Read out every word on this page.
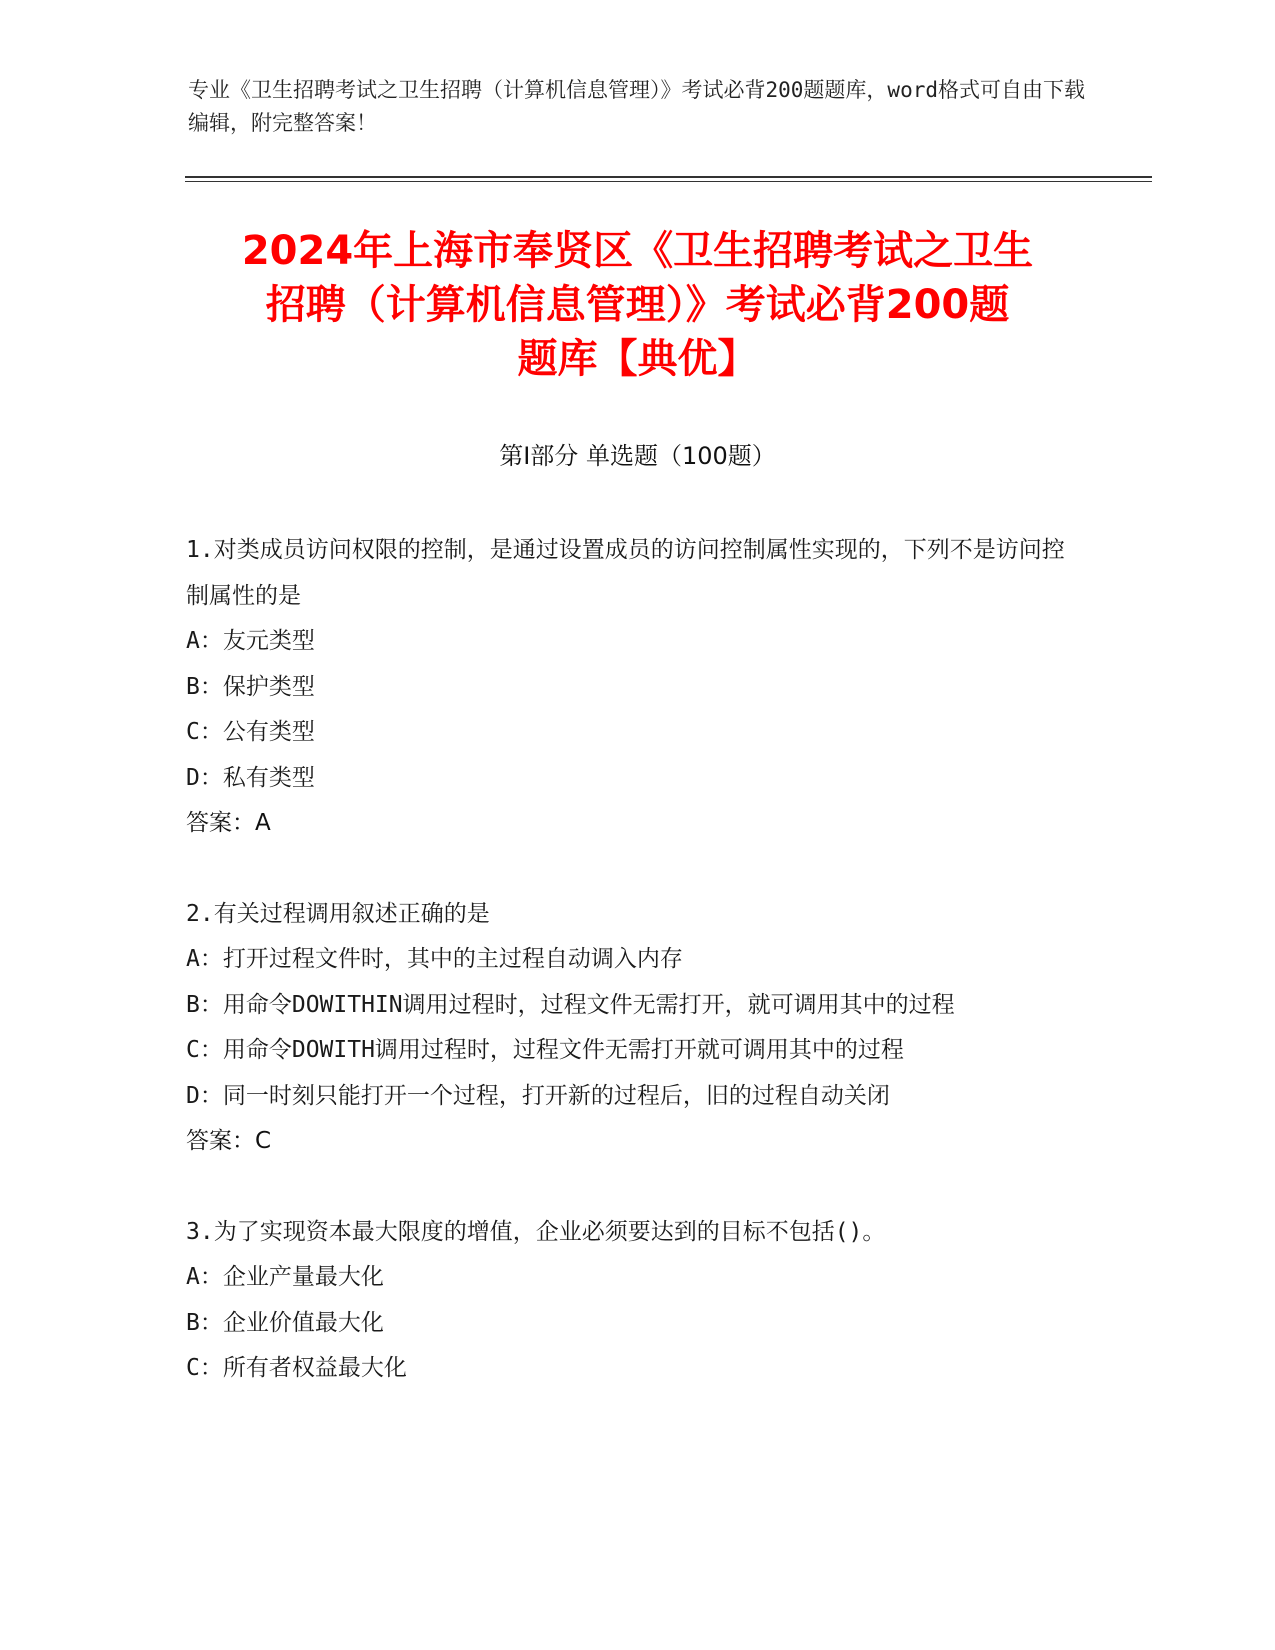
专业《卫生招聘考试之卫生招聘（计算机信息管理）》考试必背200题题库，word格式可自由下载编辑，附完整答案！
2024年上海市奉贤区《卫生招聘考试之卫生
招聘（计算机信息管理）》考试必背200题
题库【典优】
第Ⅰ部分 单选题（100题）

1.对类成员访问权限的控制，是通过设置成员的访问控制属性实现的，下列不是访问控制属性的是

A：友元类型

B：保护类型

C：公有类型

D：私有类型

答案：A

2.有关过程调用叙述正确的是

A：打开过程文件时，其中的主过程自动调入内存

B：用命令DOWITHIN调用过程时，过程文件无需打开，就可调用其中的过程

C：用命令DOWITH调用过程时，过程文件无需打开就可调用其中的过程

D：同一时刻只能打开一个过程，打开新的过程后，旧的过程自动关闭

答案：C

3.为了实现资本最大限度的增值，企业必须要达到的目标不包括()。

A：企业产量最大化

B：企业价值最大化

C：所有者权益最大化
